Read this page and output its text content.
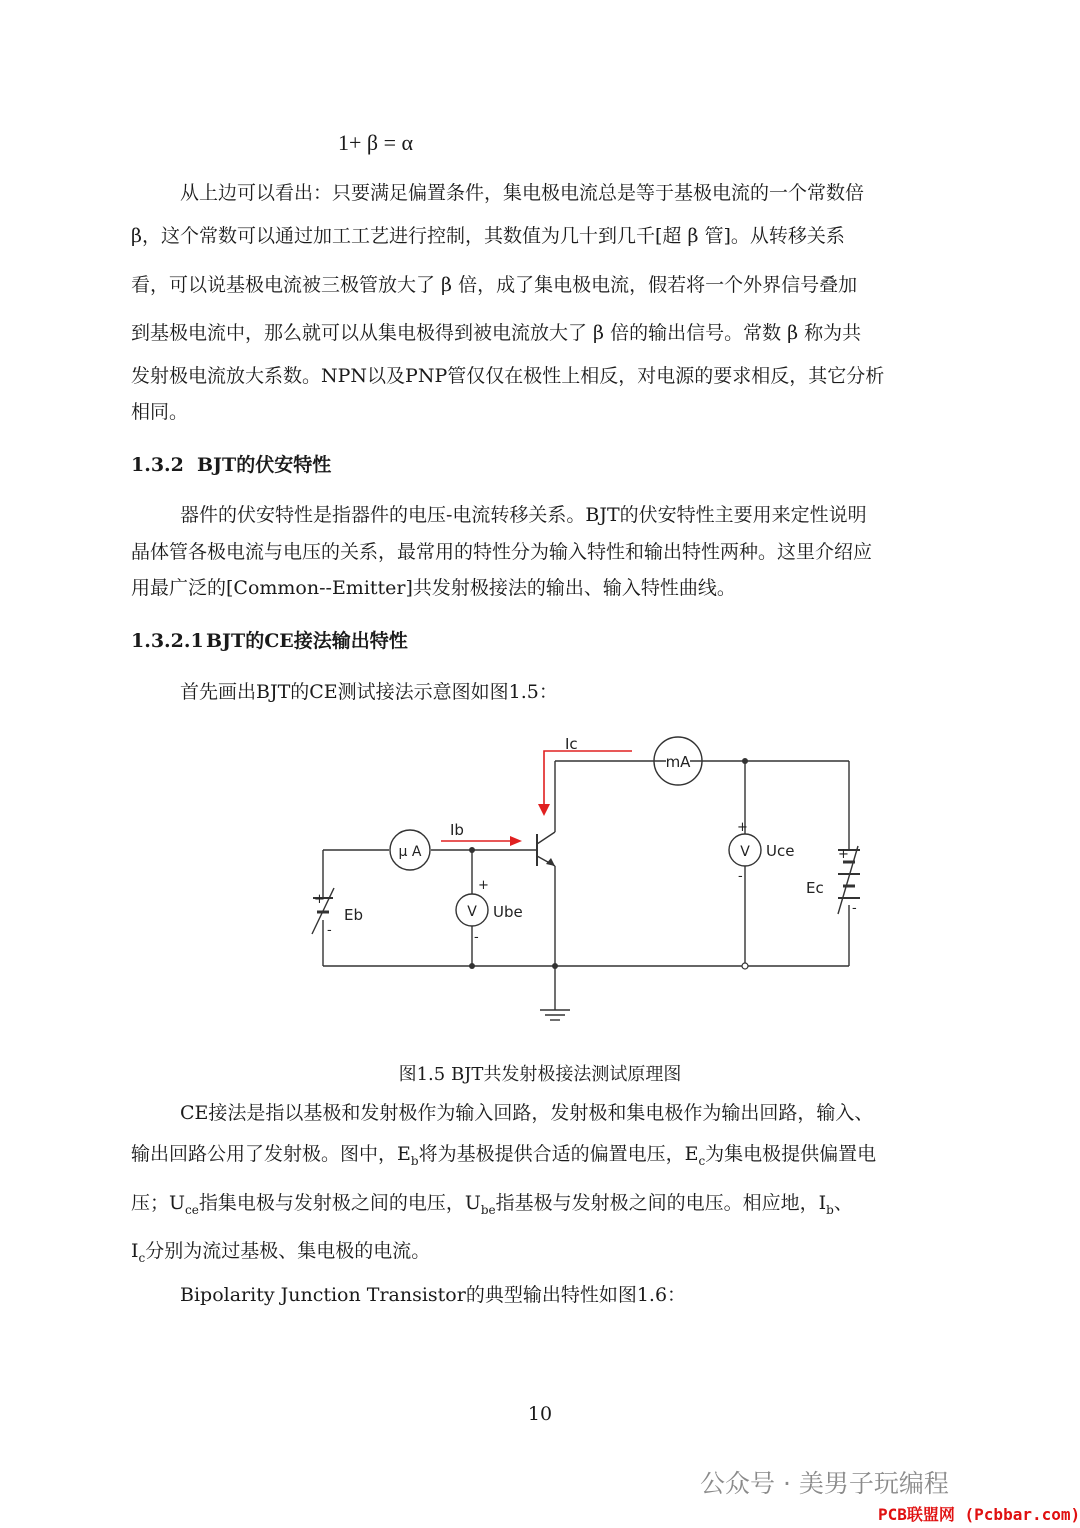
1+ β = α
从上边可以看出：只要满足偏置条件，集电极电流总是等于基极电流的一个常数倍
β，这个常数可以通过加工工艺进行控制，其数值为几十到几千[超 β 管]。从转移关系
看，可以说基极电流被三极管放大了 β 倍，成了集电极电流，假若将一个外界信号叠加
到基极电流中，那么就可以从集电极得到被电流放大了 β 倍的输出信号。常数 β 称为共
发射极电流放大系数。NPN以及PNP管仅仅在极性上相反，对电源的要求相反，其它分析
相同。
1.3.2 BJT的伏安特性
器件的伏安特性是指器件的电压-电流转移关系。BJT的伏安特性主要用来定性说明
晶体管各极电流与电压的关系，最常用的特性分为输入特性和输出特性两种。这里介绍应
用最广泛的[Common--Emitter]共发射极接法的输出、输入特性曲线。
1.3.2.1 BJT的CE接法输出特性
首先画出BJT的CE测试接法示意图如图1.5：
Ic
mA
Ib
μ A	V Uce
V Ube
Eb
Ec
+
-
+
-
+
-
+
-
图1.5 BJT共发射极接法测试原理图
CE接法是指以基极和发射极作为输入回路，发射极和集电极作为输出回路，输入、
输出回路公用了发射极。图中，$E_b$将为基极提供合适的偏置电压，$E_c$为集电极提供偏置电
压；$U_{ce}$指集电极与发射极之间的电压，$U_{be}$指基极与发射极之间的电压。相应地，$I_b$、
$I_c$分别为流过基极、集电极的电流。
Bipolarity Junction Transistor的典型输出特性如图1.6：
10
公众号 · 美男子玩编程
PCB联盟网 (Pcbbar.com)
